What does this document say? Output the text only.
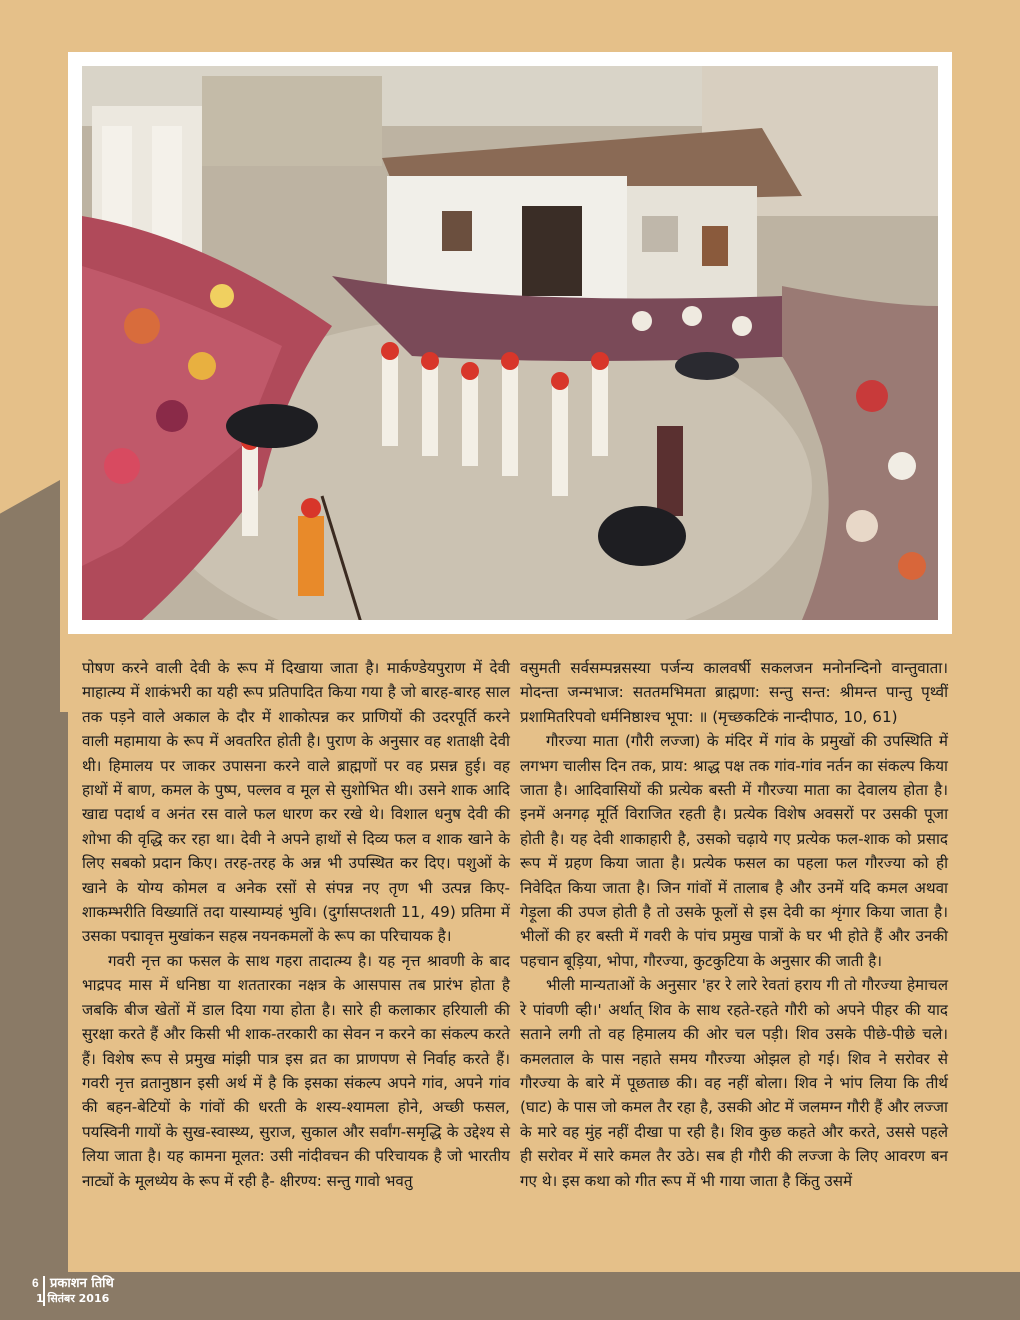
पोषण करने वाली देवी के रूप में दिखाया जाता है। मार्कण्डेयपुराण में देवी माहात्म्य में शाकंभरी का यही रूप प्रतिपादित किया गया है जो बारह-बारह साल तक पड़ने वाले अकाल के दौर में शाकोत्पन्न कर प्राणियों की उदरपूर्ति करने वाली महामाया के रूप में अवतरित होती है। पुराण के अनुसार वह शताक्षी देवी थी। हिमालय पर जाकर उपासना करने वाले ब्राह्मणों पर वह प्रसन्न हुई। वह हाथों में बाण, कमल के पुष्प, पल्लव व मूल से सुशोभित थी। उसने शाक आदि खाद्य पदार्थ व अनंत रस वाले फल धारण कर रखे थे। विशाल धनुष देवी की शोभा की वृद्धि कर रहा था। देवी ने अपने हाथों से दिव्य फल व शाक खाने के लिए सबको प्रदान किए। तरह-तरह के अन्न भी उपस्थित कर दिए। पशुओं के खाने के योग्य कोमल व अनेक रसों से संपन्न नए तृण भी उत्पन्न किए- शाकम्भरीति विख्यातिं तदा यास्याम्यहं भुवि। (दुर्गासप्तशती 11, 49) प्रतिमा में उसका पद्मावृत्त मुखांकन सहस्र नयनकमलों के रूप का परिचायक है।

गवरी नृत्त का फसल के साथ गहरा तादात्म्य है। यह नृत्त श्रावणी के बाद भाद्रपद मास में धनिष्ठा या शततारका नक्षत्र के आसपास तब प्रारंभ होता है जबकि बीज खेतों में डाल दिया गया होता है। सारे ही कलाकार हरियाली की सुरक्षा करते हैं और किसी भी शाक-तरकारी का सेवन न करने का संकल्प करते हैं। विशेष रूप से प्रमुख मांझी पात्र इस व्रत का प्राणपण से निर्वाह करते हैं। गवरी नृत्त व्रतानुष्ठान इसी अर्थ में है कि इसका संकल्प अपने गांव, अपने गांव की बहन-बेटियों के गांवों की धरती के शस्य-श्यामला होने, अच्छी फसल, पयस्विनी गायों के सुख-स्वास्थ्य, सुराज, सुकाल और सर्वांग-समृद्धि के उद्देश्य से लिया जाता है। यह कामना मूलत: उसी नांदीवचन की परिचायक है जो भारतीय नाट्यों के मूलध्येय के रूप में रही है- क्षीरण्य: सन्तु गावो भवतु

वसुमती सर्वसम्पन्नसस्या पर्जन्य कालवर्षी सकलजन मनोनन्दिनो वान्तुवाता। मोदन्ता जन्मभाज: सततमभिमता ब्राह्मणा: सन्तु सन्त: श्रीमन्त पान्तु पृथ्वीं प्रशामितरिपवो धर्मनिष्ठाश्च भूपा: ॥ (मृच्छकटिकं नान्दीपाठ, 10, 61)

गौरज्या माता (गौरी लज्जा) के मंदिर में गांव के प्रमुखों की उपस्थिति में लगभग चालीस दिन तक, प्राय: श्राद्ध पक्ष तक गांव-गांव नर्तन का संकल्प किया जाता है। आदिवासियों की प्रत्येक बस्ती में गौरज्या माता का देवालय होता है। इनमें अनगढ़ मूर्ति विराजित रहती है। प्रत्येक विशेष अवसरों पर उसकी पूजा होती है। यह देवी शाकाहारी है, उसको चढ़ाये गए प्रत्येक फल-शाक को प्रसाद रूप में ग्रहण किया जाता है। प्रत्येक फसल का पहला फल गौरज्या को ही निवेदित किया जाता है। जिन गांवों में तालाब है और उनमें यदि कमल अथवा गेड़ूला की उपज होती है तो उसके फूलों से इस देवी का शृंगार किया जाता है। भीलों की हर बस्ती में गवरी के पांच प्रमुख पात्रों के घर भी होते हैं और उनकी पहचान बूड़िया, भोपा, गौरज्या, कुटकुटिया के अनुसार की जाती है।

भीली मान्यताओं के अनुसार 'हर रे लारे रेवतां हराय गी तो गौरज्या हेमाचल रे पांवणी व्ही।' अर्थात् शिव के साथ रहते-रहते गौरी को अपने पीहर की याद सताने लगी तो वह हिमालय की ओर चल पड़ी। शिव उसके पीछे-पीछे चले। कमलताल के पास नहाते समय गौरज्या ओझल हो गई। शिव ने सरोवर से गौरज्या के बारे में पूछताछ की। वह नहीं बोला। शिव ने भांप लिया कि तीर्थ (घाट) के पास जो कमल तैर रहा है, उसकी ओट में जलमग्न गौरी हैं और लज्जा के मारे वह मुंह नहीं दीखा पा रही है। शिव कुछ कहते और करते, उससे पहले ही सरोवर में सारे कमल तैर उठे। सब ही गौरी की लज्जा के लिए आवरण बन गए थे। इस कथा को गीत रूप में भी गाया जाता है किंतु उसमें

6 प्रकाशन तिथि
1 सितंबर 2016
